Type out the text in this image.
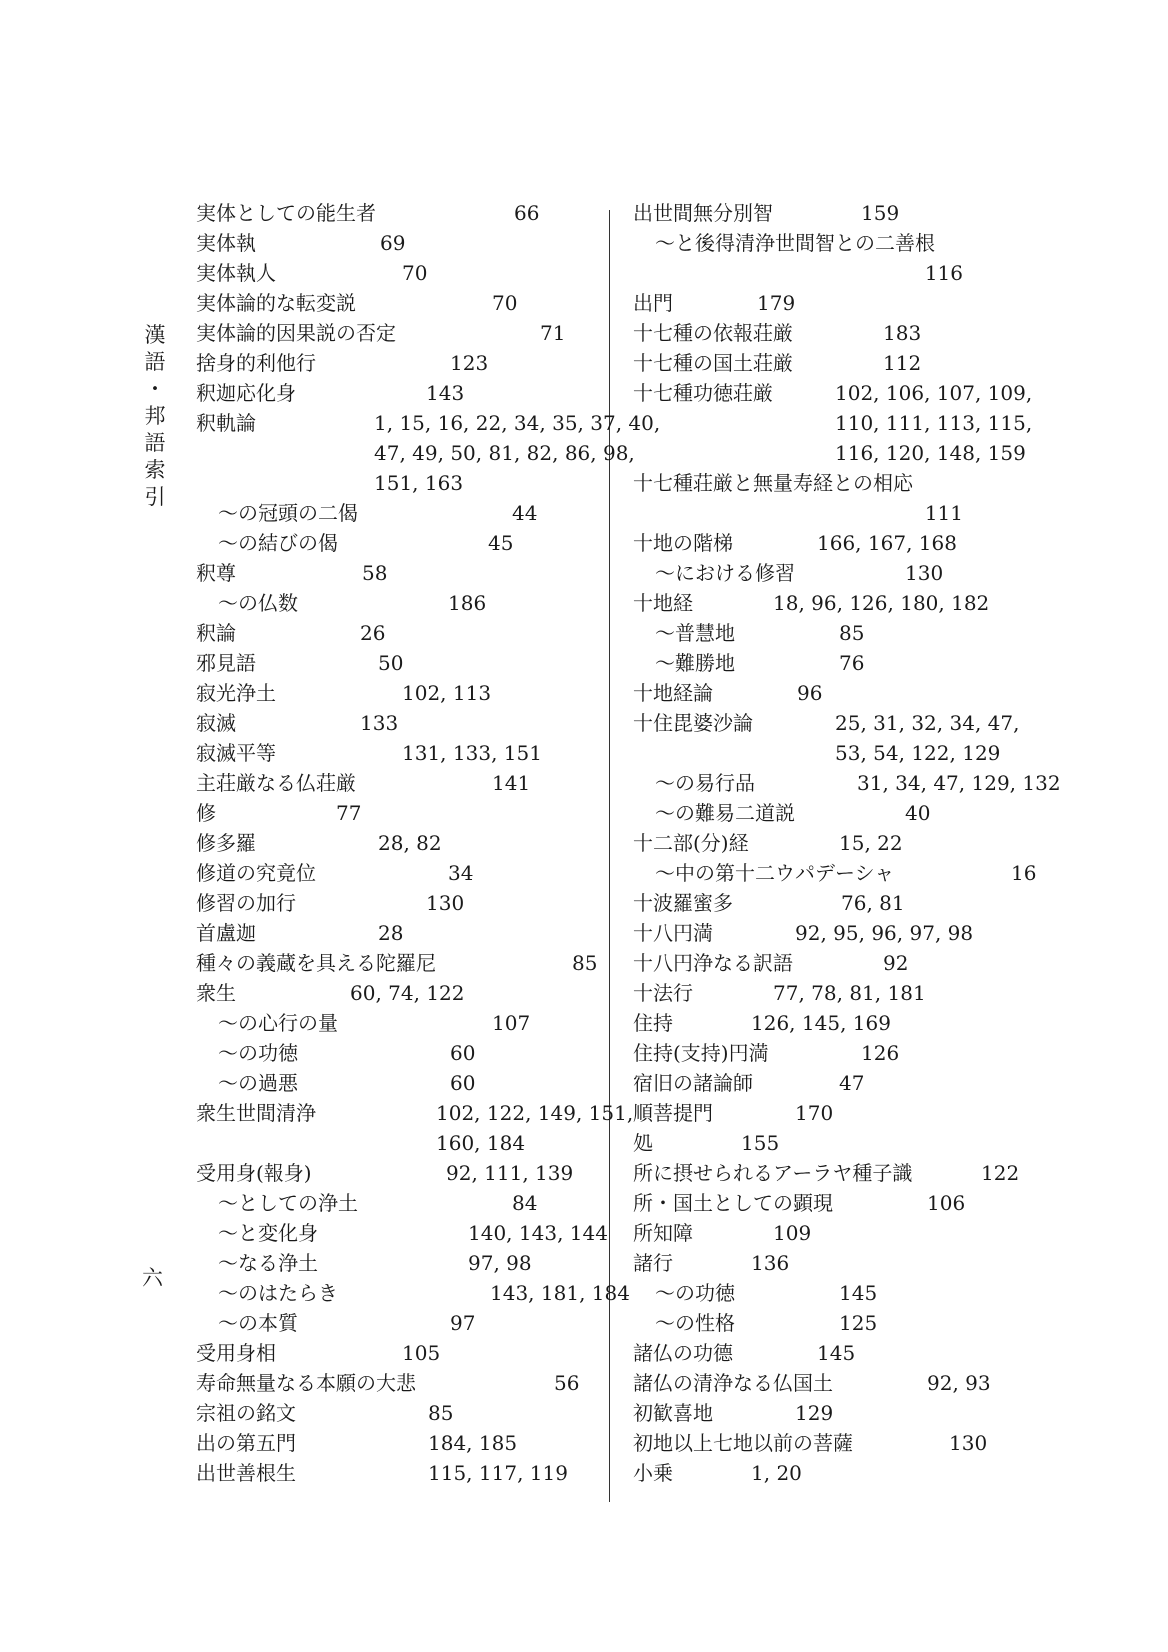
漢
語
・
邦
語
索
引
六
実体としての能生者	66
実体執	69
実体執人	70
実体論的な転変説	70
実体論的因果説の否定	71
捨身的利他行	123
釈迦応化身	143
釈軌論	1, 15, 16, 22, 34, 35, 37, 40,
47, 49, 50, 81, 82, 86, 98,
151, 163
～の冠頭の二偈	44
～の結びの偈	45
釈尊	58
～の仏数	186
釈論	26
邪見語	50
寂光浄土	102, 113
寂滅	133
寂滅平等	131, 133, 151
主荘厳なる仏荘厳	141
修	77
修多羅	28, 82
修道の究竟位	34
修習の加行	130
首盧迦	28
種々の義蔵を具える陀羅尼	85
衆生	60, 74, 122
～の心行の量	107
～の功徳	60
～の過悪	60
衆生世間清浄	102, 122, 149, 151,
160, 184
受用身(報身)	92, 111, 139
～としての浄土	84
～と変化身	140, 143, 144
～なる浄土	97, 98
～のはたらき	143, 181, 184
～の本質	97
受用身相	105
寿命無量なる本願の大悲	56
宗祖の銘文	85
出の第五門	184, 185
出世善根生	115, 117, 119
出世間無分別智	159
～と後得清浄世間智との二善根
116
出門	179
十七種の依報荘厳	183
十七種の国土荘厳	112
十七種功徳荘厳	102, 106, 107, 109,
110, 111, 113, 115,
116, 120, 148, 159
十七種荘厳と無量寿経との相応
111
十地の階梯	166, 167, 168
～における修習	130
十地経	18, 96, 126, 180, 182
～普慧地	85
～難勝地	76
十地経論	96
十住毘婆沙論	25, 31, 32, 34, 47,
53, 54, 122, 129
～の易行品	31, 34, 47, 129, 132
～の難易二道説	40
十二部(分)経	15, 22
～中の第十二ウパデーシャ	16
十波羅蜜多	76, 81
十八円満	92, 95, 96, 97, 98
十八円浄なる訳語	92
十法行	77, 78, 81, 181
住持	126, 145, 169
住持(支持)円満	126
宿旧の諸論師	47
順菩提門	170
処	155
所に摂せられるアーラヤ種子識	122
所・国土としての顕現	106
所知障	109
諸行	136
～の功徳	145
～の性格	125
諸仏の功德	145
諸仏の清浄なる仏国土	92, 93
初歓喜地	129
初地以上七地以前の菩薩	130
小乗	1, 20
